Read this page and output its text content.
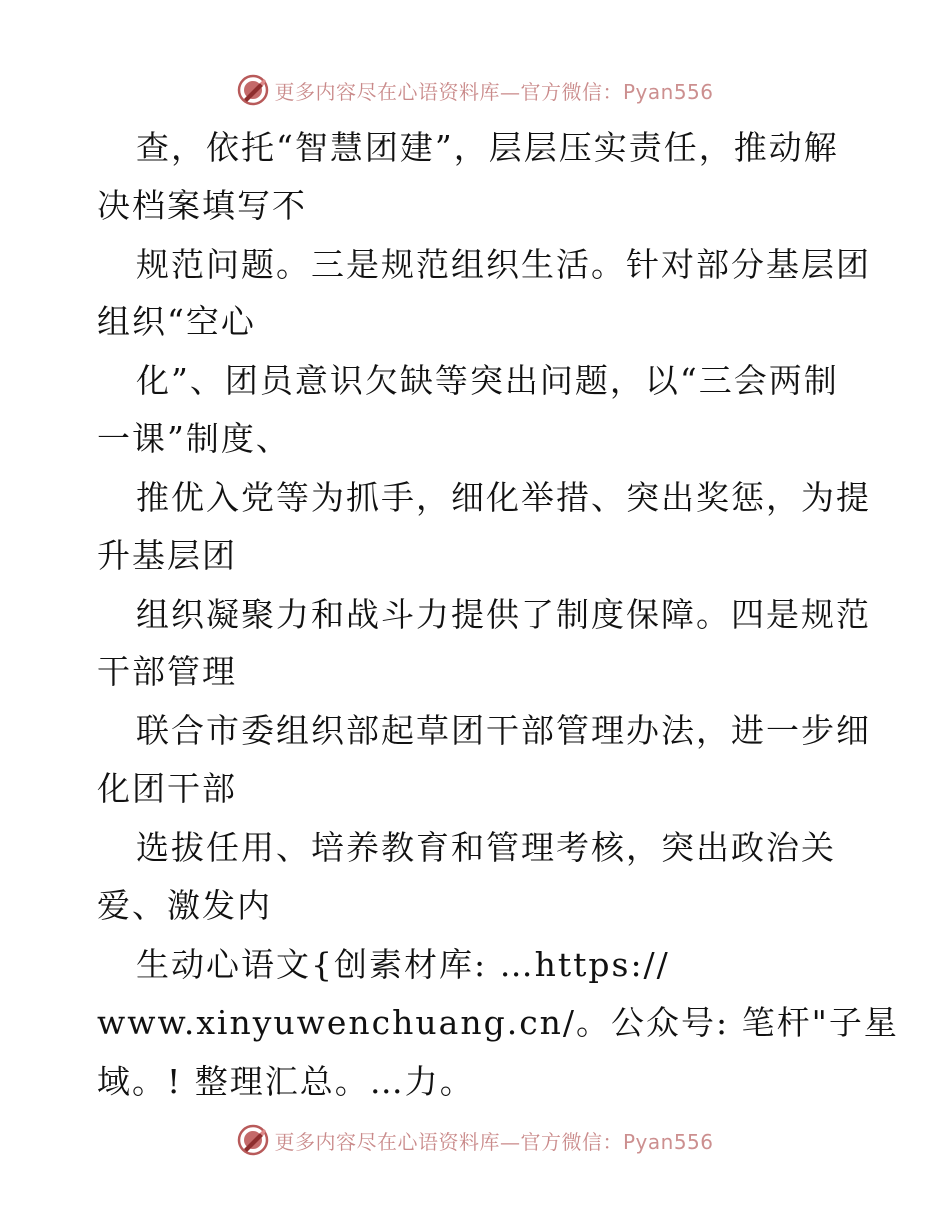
更多内容尽在心语资料库—官方微信：Pyan556
查，依托“智慧团建”，层层压实责任，推动解
决档案填写不
规范问题。三是规范组织生活。针对部分基层团
组织“空心
化”、团员意识欠缺等突出问题，以“三会两制
一课”制度、
推优入党等为抓手，细化举措、突出奖惩，为提
升基层团
组织凝聚力和战斗力提供了制度保障。四是规范
干部管理
联合市委组织部起草团干部管理办法，进一步细
化团干部
选拔任用、培养教育和管理考核，突出政治关
爱、激发内
生动心语文{创素材库: …https://
www.xinyuwenchuang.cn/。公众号: 笔杆"子星
域。! 整理汇总。…力。
更多内容尽在心语资料库—官方微信：Pyan556
